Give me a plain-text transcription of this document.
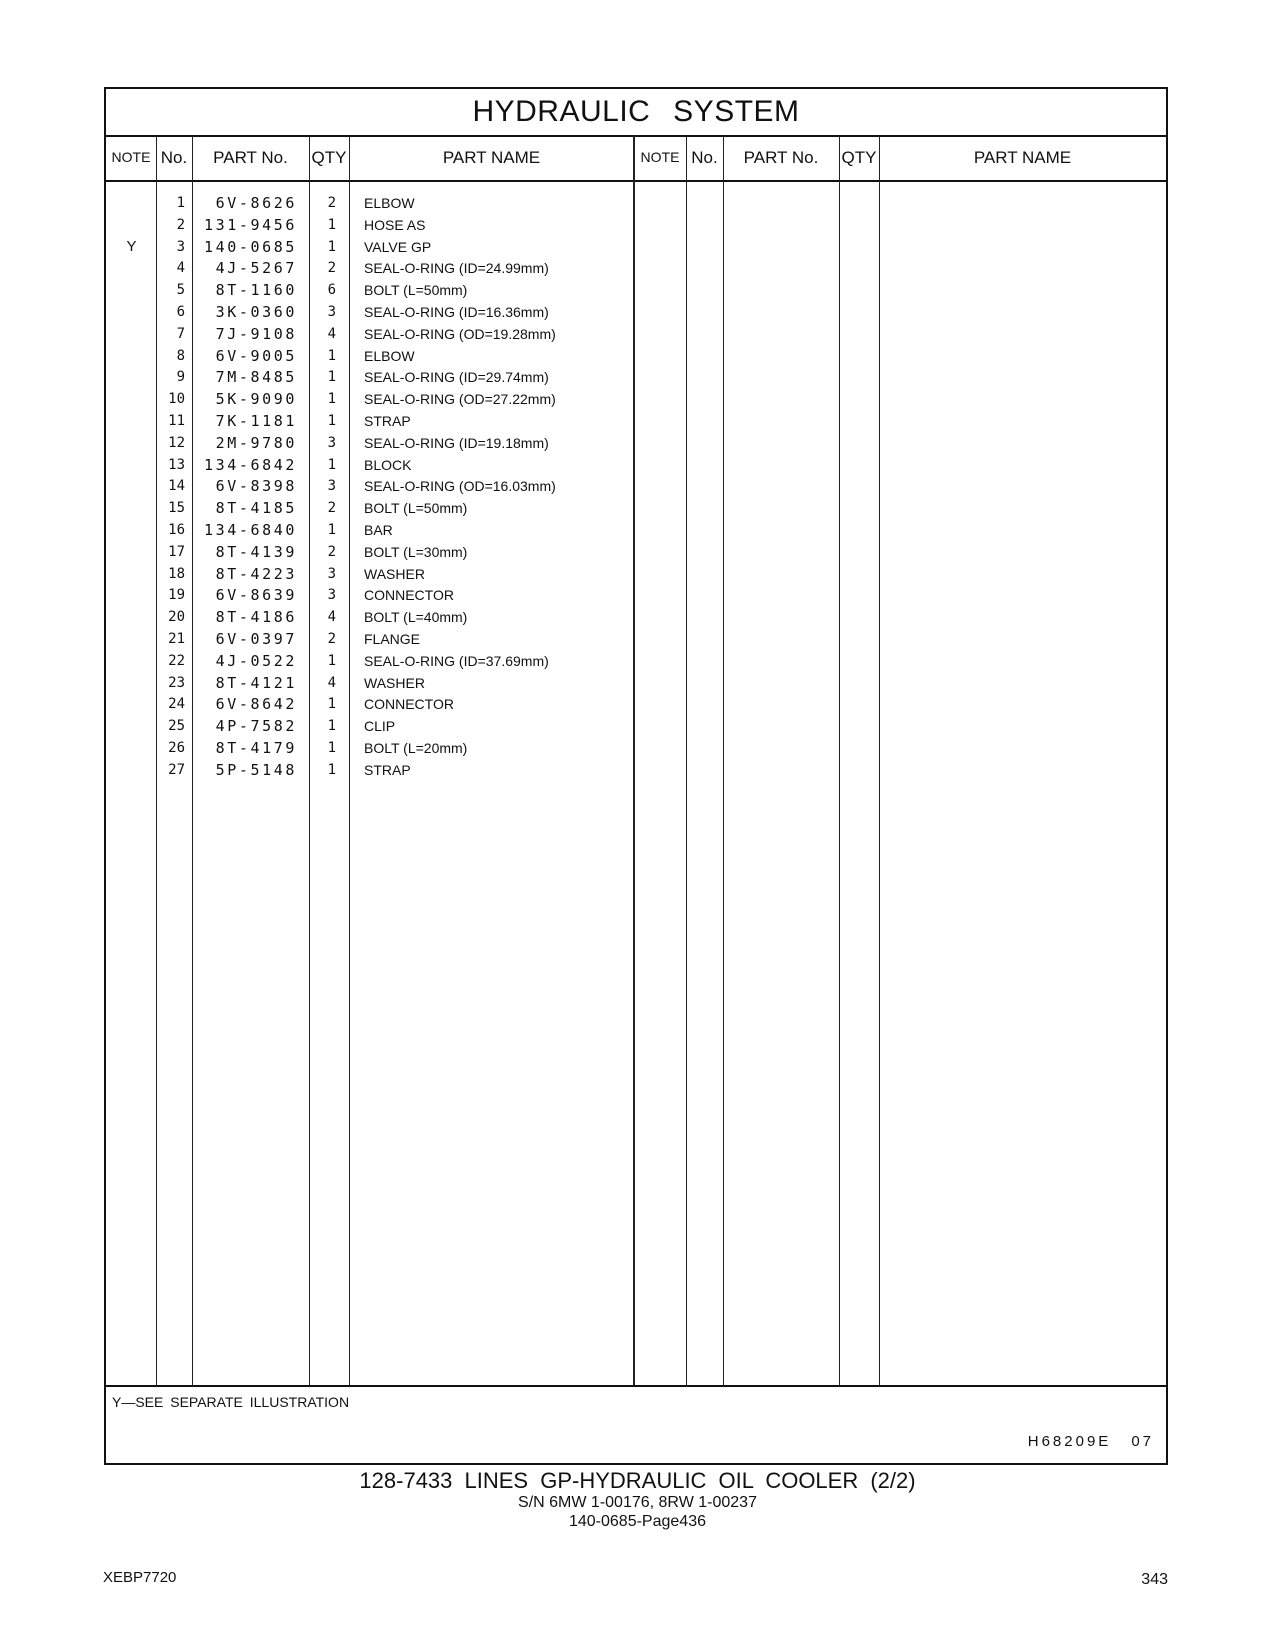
HYDRAULIC SYSTEM
NOTE No.	PART No.	QTY	PART NAME	NOTE No.	PART No.	QTY	PART NAME
1	6V-8626	2 ELBOW
2	131-9456	1 HOSE AS
Y	3	140-0685	1 VALVE GP
4	4J-5267	2 SEAL-O-RING (ID=24.99mm)
5	8T-1160	6 BOLT (L=50mm)
6	3K-0360	3 SEAL-O-RING (ID=16.36mm)
7	7J-9108	4 SEAL-O-RING (OD=19.28mm)
8	6V-9005	1 ELBOW
9	7M-8485	1 SEAL-O-RING (ID=29.74mm)
10	5K-9090	1 SEAL-O-RING (OD=27.22mm)
11	7K-1181	1 STRAP
12	2M-9780	3 SEAL-O-RING (ID=19.18mm)
13	134-6842	1 BLOCK
14	6V-8398	3 SEAL-O-RING (OD=16.03mm)
15	8T-4185	2 BOLT (L=50mm)
16	134-6840	1 BAR
17	8T-4139	2 BOLT (L=30mm)
18	8T-4223	3 WASHER
19	6V-8639	3 CONNECTOR
20	8T-4186	4 BOLT (L=40mm)
21	6V-0397	2 FLANGE
22	4J-0522	1 SEAL-O-RING (ID=37.69mm)
23	8T-4121	4 WASHER
24	6V-8642	1 CONNECTOR
25	4P-7582	1 CLIP
26	8T-4179	1 BOLT (L=20mm)
27	5P-5148	1 STRAP
Y—SEE SEPARATE ILLUSTRATION
H68209E 07
128-7433 LINES GP-HYDRAULIC OIL COOLER (2/2)
S/N 6MW 1-00176, 8RW 1-00237
140-0685-Page436
XEBP7720	343
